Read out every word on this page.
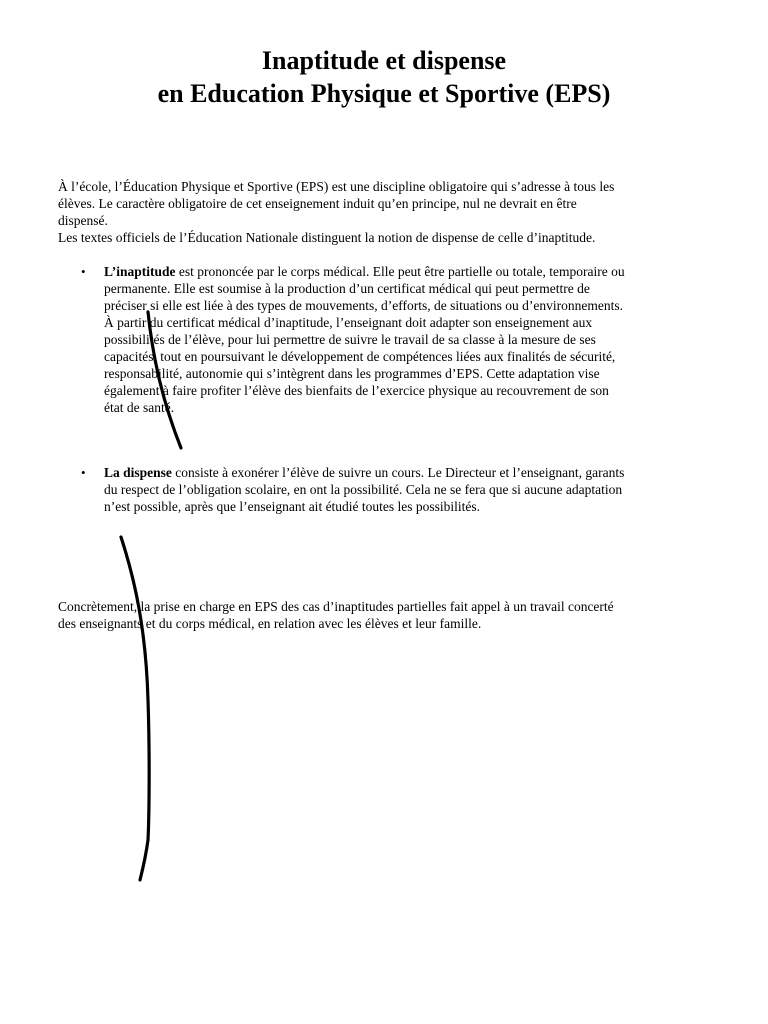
Inaptitude et dispense
en Education Physique et Sportive (EPS)
À l’école, l’Éducation Physique et Sportive (EPS) est une discipline obligatoire qui s’adresse à tous les
élèves. Le caractère obligatoire de cet enseignement induit qu’en principe, nul ne devrait en être
dispensé.
Les textes officiels de l’Éducation Nationale distinguent la notion de dispense de celle d’inaptitude.
• L’inaptitude est prononcée par le corps médical. Elle peut être partielle ou totale, temporaire ou
permanente. Elle est soumise à la production d’un certificat médical qui peut permettre de
préciser si elle est liée à des types de mouvements, d’efforts, de situations ou d’environnements.
À partir du certificat médical d’inaptitude, l’enseignant doit adapter son enseignement aux
possibilités de l’élève, pour lui permettre de suivre le travail de sa classe à la mesure de ses
capacités, tout en poursuivant le développement de compétences liées aux finalités de sécurité,
responsabilité, autonomie qui s’intègrent dans les programmes d’EPS. Cette adaptation vise
également à faire profiter l’élève des bienfaits de l’exercice physique au recouvrement de son
état de santé.
• La dispense consiste à exonérer l’élève de suivre un cours. Le Directeur et l’enseignant, garants
du respect de l’obligation scolaire, en ont la possibilité. Cela ne se fera que si aucune adaptation
n’est possible, après que l’enseignant ait étudié toutes les possibilités.
Concrètement, la prise en charge en EPS des cas d’inaptitudes partielles fait appel à un travail concerté
des enseignants et du corps médical, en relation avec les élèves et leur famille.
